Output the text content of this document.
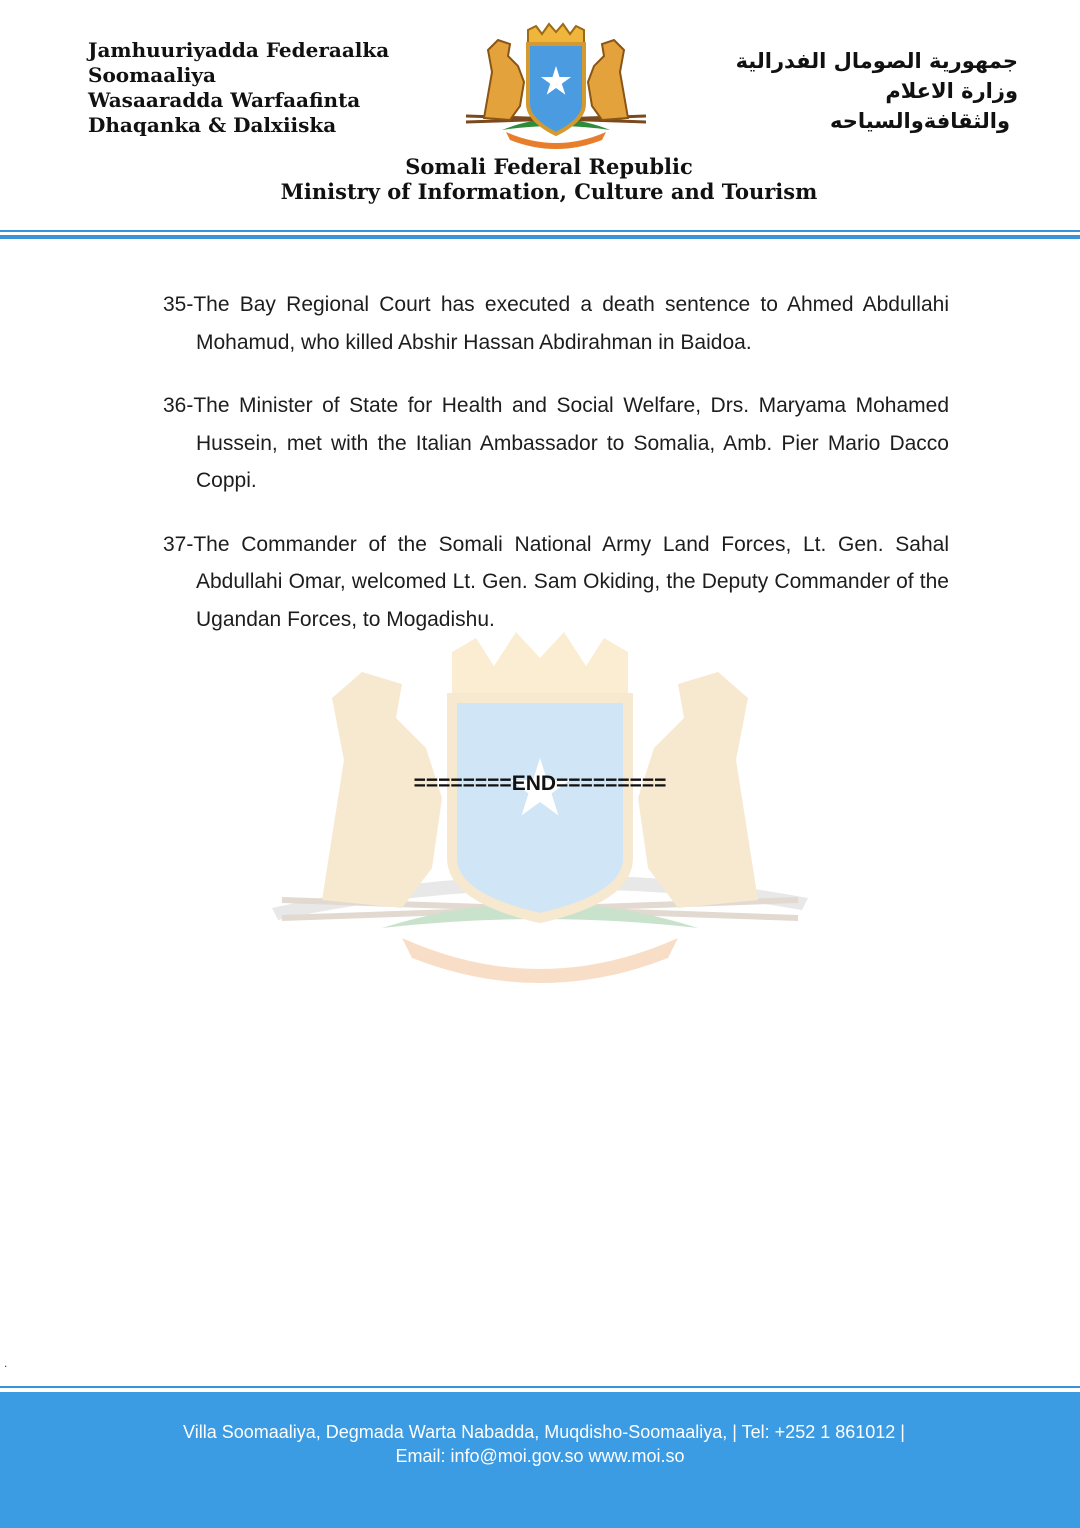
Jamhuuriyadda Federaalka
Soomaaliya
Wasaaradda Warfaafinta
Dhaqanka & Dalxiiska
جمهورية الصومال الفدرالية
وزارة الاعلام
والثقافةوالسياحه
Somali Federal Republic
Ministry of Information, Culture and Tourism
35-The Bay Regional Court has executed a death sentence to Ahmed Abdullahi Mohamud, who killed Abshir Hassan Abdirahman in Baidoa.
36-The Minister of State for Health and Social Welfare, Drs. Maryama Mohamed Hussein, met with the Italian Ambassador to Somalia, Amb. Pier Mario Dacco Coppi.
37-The Commander of the Somali National Army Land Forces, Lt. Gen. Sahal Abdullahi Omar, welcomed Lt. Gen. Sam Okiding, the Deputy Commander of the Ugandan Forces, to Mogadishu.
========END=========
.
Villa Soomaaliya, Degmada Warta Nabadda, Muqdisho-Soomaaliya, | Tel: +252 1 861012 |
Email: info@moi.gov.so www.moi.so
